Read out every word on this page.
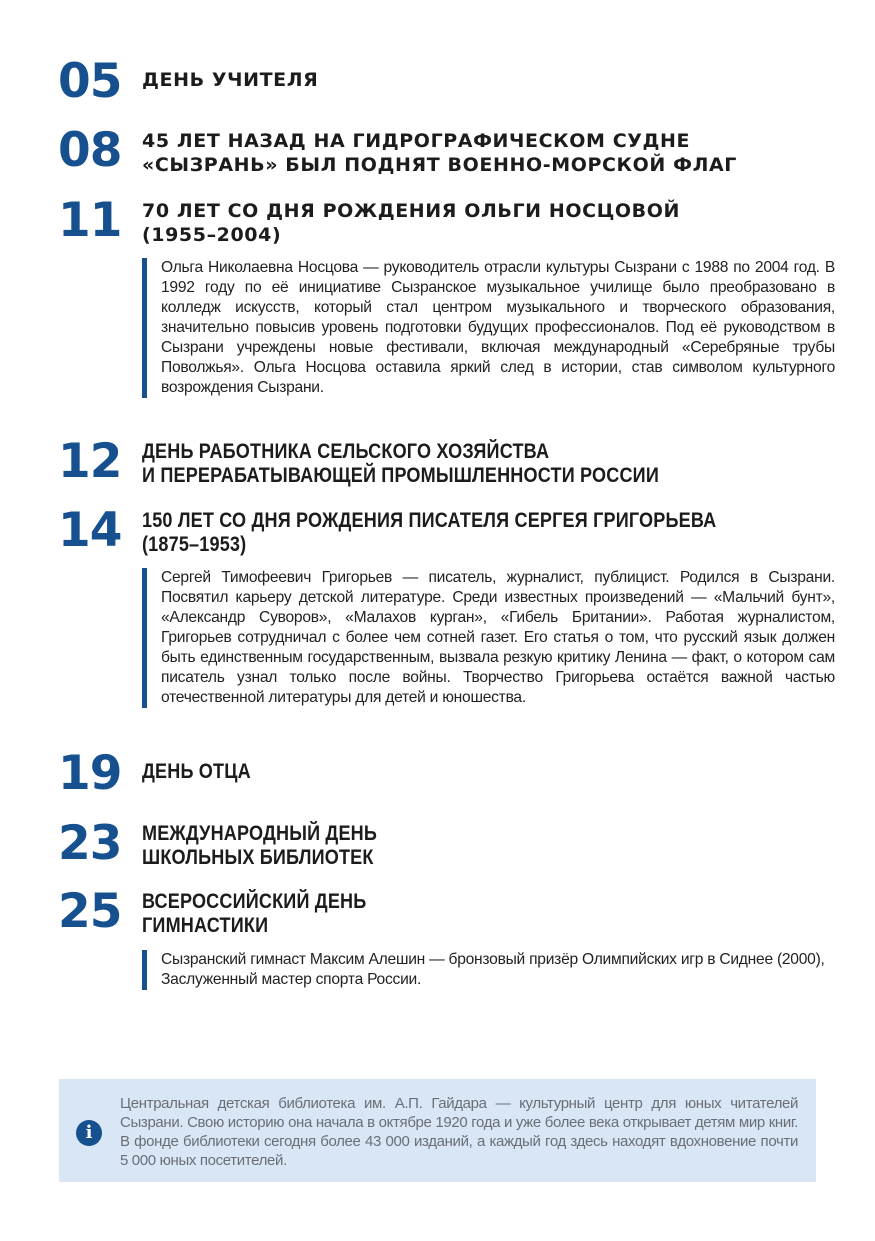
05 ДЕНЬ УЧИТЕЛЯ
08 45 ЛЕТ НАЗАД НА ГИДРОГРАФИЧЕСКОМ СУДНЕ
«СЫЗРАНЬ» БЫЛ ПОДНЯТ ВОЕННО-МОРСКОЙ ФЛАГ
11 70 ЛЕТ СО ДНЯ РОЖДЕНИЯ ОЛЬГИ НОСЦОВОЙ
(1955–2004)
Ольга Николаевна Носцова — руководитель отрасли культуры Сызрани с 1988 по 2004 год. В 1992 году по её инициативе Сызранское музыкальное училище было преобразовано в колледж искусств, который стал центром музыкального и творческого образования, значительно повысив уровень подготовки будущих профессионалов. Под её руководством в Сызрани учреждены новые фестивали, включая международный «Серебряные трубы Поволжья». Ольга Носцова оставила яркий след в истории, став символом культурного возрождения Сызрани.
12 ДЕНЬ РАБОТНИКА СЕЛЬСКОГО ХОЗЯЙСТВА
И ПЕРЕРАБАТЫВАЮЩЕЙ ПРОМЫШЛЕННОСТИ РОССИИ
14 150 ЛЕТ СО ДНЯ РОЖДЕНИЯ ПИСАТЕЛЯ СЕРГЕЯ ГРИГОРЬЕВА
(1875–1953)
Сергей Тимофеевич Григорьев — писатель, журналист, публицист. Родился в Сызрани. Посвятил карьеру детской литературе. Среди известных произведений — «Мальчий бунт», «Александр Суворов», «Малахов курган», «Гибель Британии». Работая журналистом, Григорьев сотрудничал с более чем сотней газет. Его статья о том, что русский язык должен быть единственным государственным, вызвала резкую критику Ленина — факт, о котором сам писатель узнал только после войны. Творчество Григорьева остаётся важной частью отечественной литературы для детей и юношества.
19 ДЕНЬ ОТЦА
23 МЕЖДУНАРОДНЫЙ ДЕНЬ
ШКОЛЬНЫХ БИБЛИОТЕК
25 ВСЕРОССИЙСКИЙ ДЕНЬ
ГИМНАСТИКИ
Сызранский гимнаст Максим Алешин — бронзовый призёр Олимпийских игр в Сиднее (2000), Заслуженный мастер спорта России.
i
Центральная детская библиотека им. А.П. Гайдара — культурный центр для юных читателей Сызрани. Свою историю она начала в октябре 1920 года и уже более века открывает детям мир книг. В фонде библиотеки сегодня более 43 000 изданий, а каждый год здесь находят вдохновение почти 5 000 юных посетителей.
